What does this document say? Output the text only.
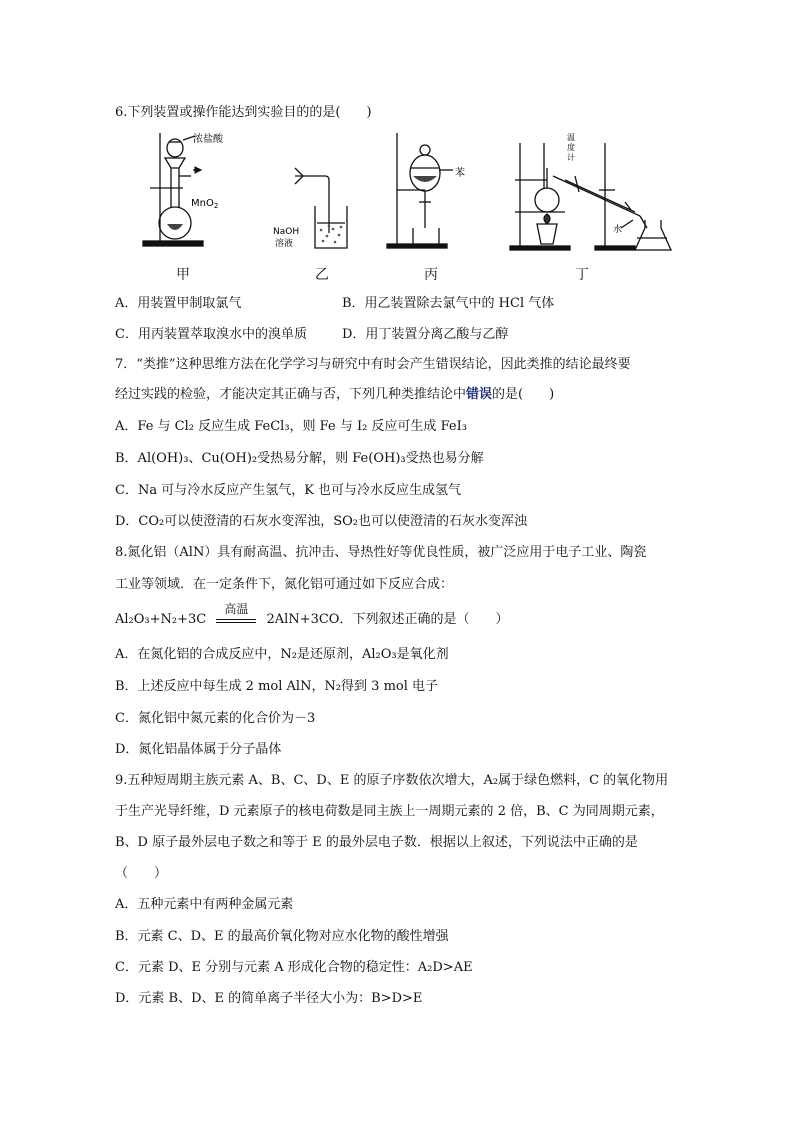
6.下列装置或操作能达到实验目的的是(　　)
浓盐酸
MnO$_2$
NaOH
溶液
苯
温
度
计
水
甲	乙	丙	丁
A．用装置甲制取氯气	B．用乙装置除去氯气中的 HCl 气体
C．用丙装置萃取溴水中的溴单质	D．用丁装置分离乙酸与乙醇
7．“类推”这种思维方法在化学学习与研究中有时会产生错误结论，因此类推的结论最终要
经过实践的检验，才能决定其正确与否，下列几种类推结论中错误的是(　　)
A．Fe 与 Cl₂ 反应生成 FeCl₃，则 Fe 与 I₂ 反应可生成 FeI₃
B．Al(OH)₃、Cu(OH)₂受热易分解，则 Fe(OH)₃受热也易分解
C．Na 可与冷水反应产生氢气，K 也可与冷水反应生成氢气
D．CO₂可以使澄清的石灰水变浑浊，SO₂也可以使澄清的石灰水变浑浊
8.氮化铝（AlN）具有耐高温、抗冲击、导热性好等优良性质，被广泛应用于电子工业、陶瓷
工业等领域．在一定条件下，氮化铝可通过如下反应合成：
Al₂O₃+N₂+3C
高温
2AlN+3CO．下列叙述正确的是（　　）
A．在氮化铝的合成反应中，N₂是还原剂，Al₂O₃是氧化剂
B．上述反应中每生成 2 mol AlN，N₂得到 3 mol 电子
C．氮化铝中氮元素的化合价为－3
D．氮化铝晶体属于分子晶体
9.五种短周期主族元素 A、B、C、D、E 的原子序数依次增大，A₂属于绿色燃料，C 的氧化物用
于生产光导纤维，D 元素原子的核电荷数是同主族上一周期元素的 2 倍，B、C 为同周期元素，
B、D 原子最外层电子数之和等于 E 的最外层电子数．根据以上叙述，下列说法中正确的是
（　　）
A．五种元素中有两种金属元素
B．元素 C、D、E 的最高价氧化物对应水化物的酸性增强
C．元素 D、E 分别与元素 A 形成化合物的稳定性：A₂D>AE
D．元素 B、D、E 的简单离子半径大小为：B>D>E
